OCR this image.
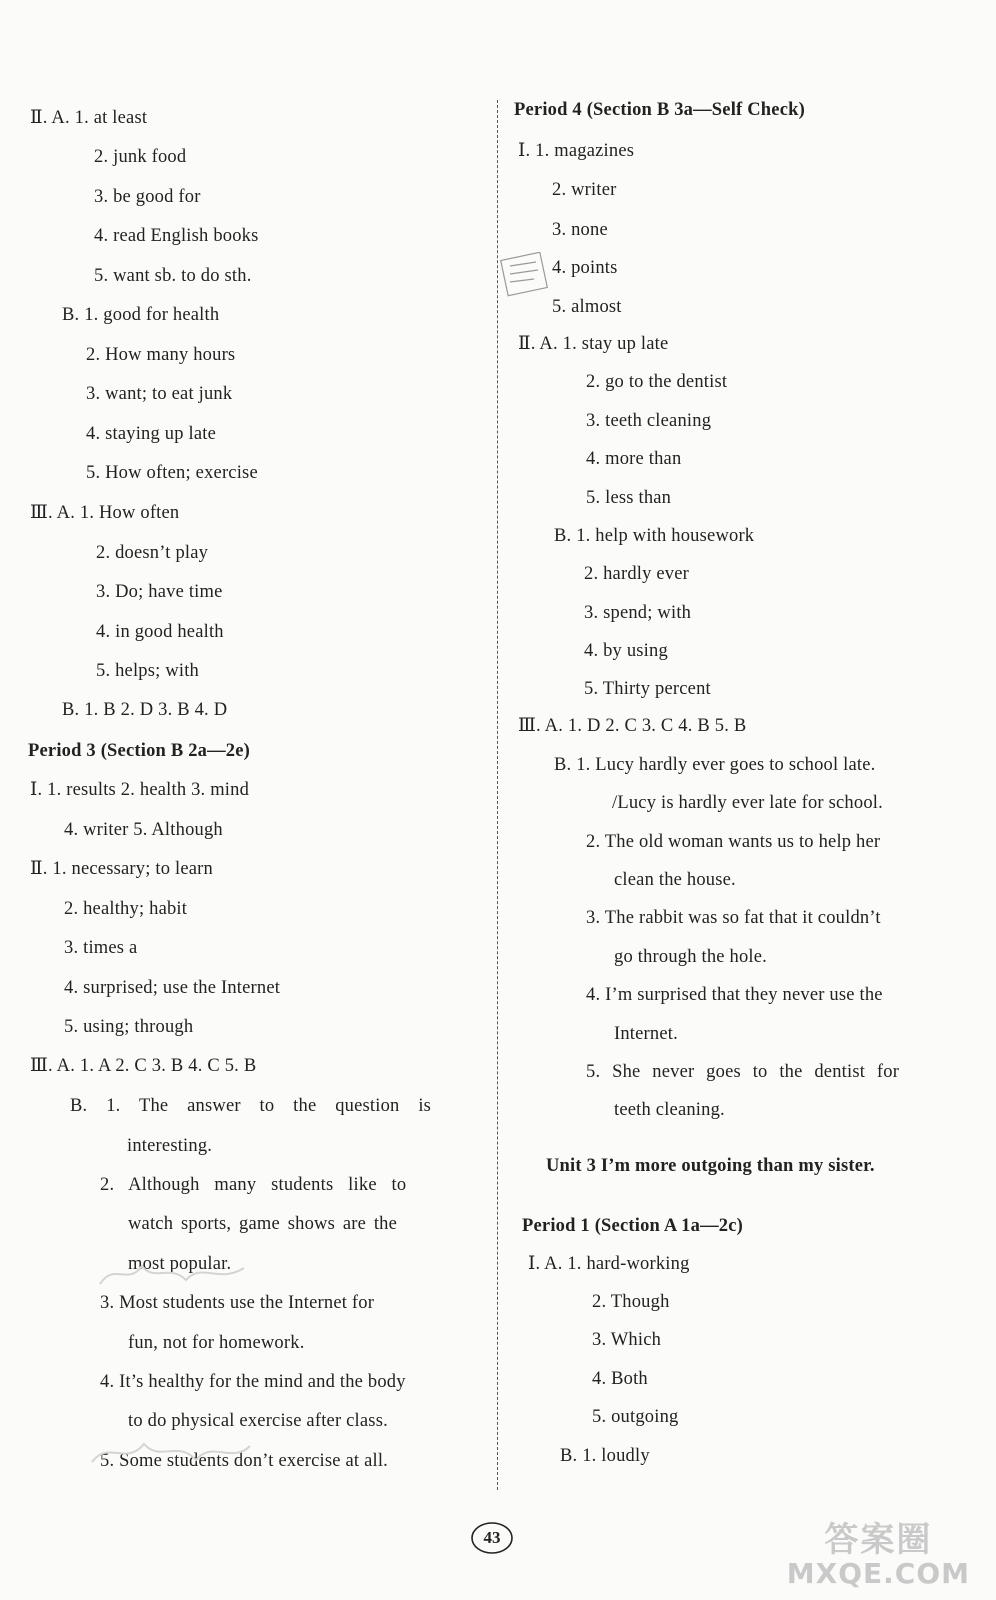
Ⅱ. A. 1. at least
2. junk food
3. be good for
4. read English books
5. want sb. to do sth.
B. 1. good for health
2. How many hours
3. want; to eat junk
4. staying up late
5. How often; exercise
Ⅲ. A. 1. How often
2. doesn’t play
3. Do; have time
4. in good health
5. helps; with
B. 1. B 2. D 3. B 4. D
Period 3 (Section B 2a—2e)
Ⅰ. 1. results 2. health 3. mind
4. writer 5. Although
Ⅱ. 1. necessary; to learn
2. healthy; habit
3. times a
4. surprised; use the Internet
5. using; through
Ⅲ. A. 1. A 2. C 3. B 4. C 5. B
B. 1. The answer to the question is
interesting.
2. Although many students like to
watch sports, game shows are the
most popular.
3. Most students use the Internet for
fun, not for homework.
4. It’s healthy for the mind and the body
to do physical exercise after class.
5. Some students don’t exercise at all.
Period 4 (Section B 3a—Self Check)
Ⅰ. 1. magazines
2. writer
3. none
4. points
5. almost
Ⅱ. A. 1. stay up late
2. go to the dentist
3. teeth cleaning
4. more than
5. less than
B. 1. help with housework
2. hardly ever
3. spend; with
4. by using
5. Thirty percent
Ⅲ. A. 1. D 2. C 3. C 4. B 5. B
B. 1. Lucy hardly ever goes to school late.
/Lucy is hardly ever late for school.
2. The old woman wants us to help her
clean the house.
3. The rabbit was so fat that it couldn’t
go through the hole.
4. I’m surprised that they never use the
Internet.
5. She never goes to the dentist for
teeth cleaning.
Unit 3 I’m more outgoing than my sister.
Period 1 (Section A 1a—2c)
Ⅰ. A. 1. hard-working
2. Though
3. Which
4. Both
5. outgoing
B. 1. loudly
43	答案圈
MXQE.COM
